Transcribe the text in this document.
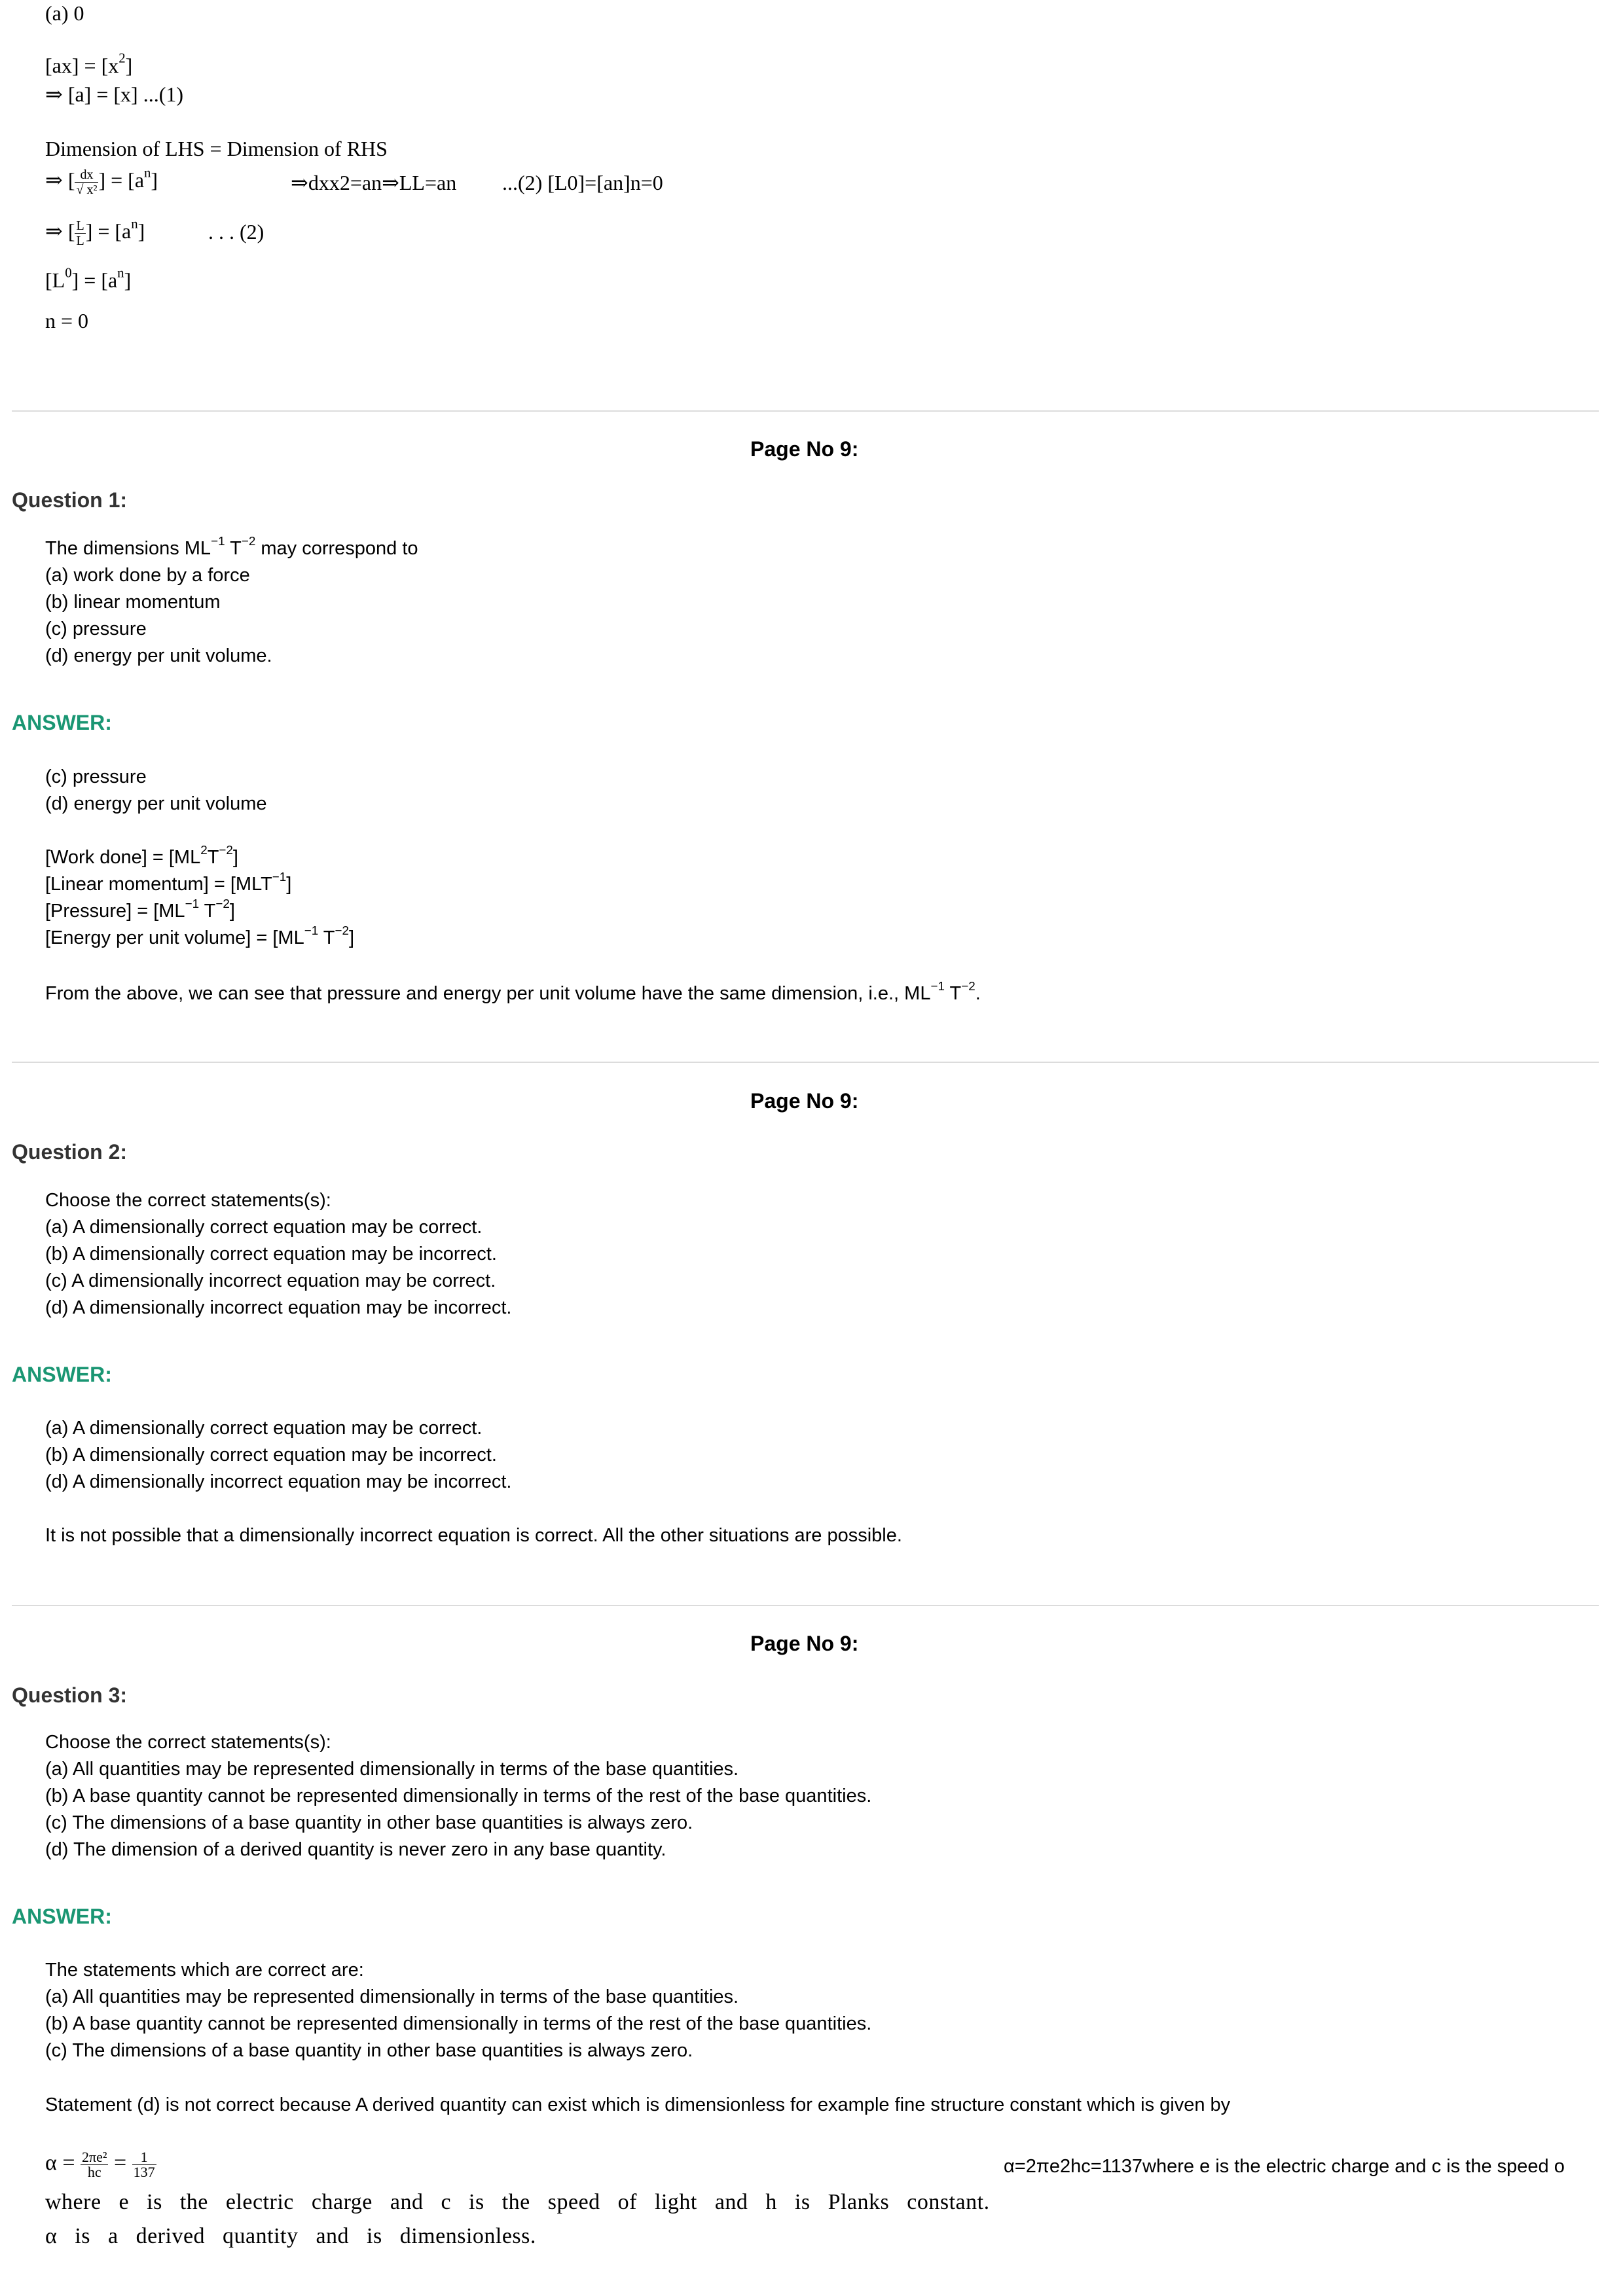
(a) 0
$[ax] = [x^2]$
⇒ [a] = [x] ...(1)
Dimension of LHS = Dimension of RHS
⇒ [ $\frac{dx}{\text{√ x²}}$ ] = $[a^n]$	⇒dxx2=an⇒LL=an ...(2) [L0]=[an]n=0
⇒ [ $\frac{L}{L}$ ] = $[a^n]$	. . . (2)
$[L^0] = [a^n]$
n = 0
Page No 9:
Question 1:
The dimensions $ML^{-1}$ $T^{-2}$ may correspond to
(a) work done by a force
(b) linear momentum
(c) pressure
(d) energy per unit volume.
ANSWER:
(c) pressure
(d) energy per unit volume
[Work done] = $[ML^2T^{-2}]$
[Linear momentum] = $[MLT^{-1}]$
[Pressure] = [$ML^{-1}$ $T^{-2}$]
[Energy per unit volume] = [$ML^{-1}$ $T^{-2}$]
From the above, we can see that pressure and energy per unit volume have the same dimension, i.e., $ML^{-1}$ $T^{-2}$.
Page No 9:
Question 2:
Choose the correct statements(s):
(a) A dimensionally correct equation may be correct.
(b) A dimensionally correct equation may be incorrect.
(c) A dimensionally incorrect equation may be correct.
(d) A dimensionally incorrect equation may be incorrect.
ANSWER:
(a) A dimensionally correct equation may be correct.
(b) A dimensionally correct equation may be incorrect.
(d) A dimensionally incorrect equation may be incorrect.
It is not possible that a dimensionally incorrect equation is correct. All the other situations are possible.
Page No 9:
Question 3:
Choose the correct statements(s):
(a) All quantities may be represented dimensionally in terms of the base quantities.
(b) A base quantity cannot be represented dimensionally in terms of the rest of the base quantities.
(c) The dimensions of a base quantity in other base quantities is always zero.
(d) The dimension of a derived quantity is never zero in any base quantity.
ANSWER:
The statements which are correct are:
(a) All quantities may be represented dimensionally in terms of the base quantities.
(b) A base quantity cannot be represented dimensionally in terms of the rest of the base quantities.
(c) The dimensions of a base quantity in other base quantities is always zero.
Statement (d) is not correct because A derived quantity can exist which is dimensionless for example fine structure constant which is given by
$\alpha = \frac{\text{2πe²}}{hc} = \frac{1}{137}$	α=2πe2hc=1137where e is the electric charge and c is the speed o
where e is the electric charge and c is the speed of light and h is Planks constant.
α is a derived quantity and is dimensionless.
